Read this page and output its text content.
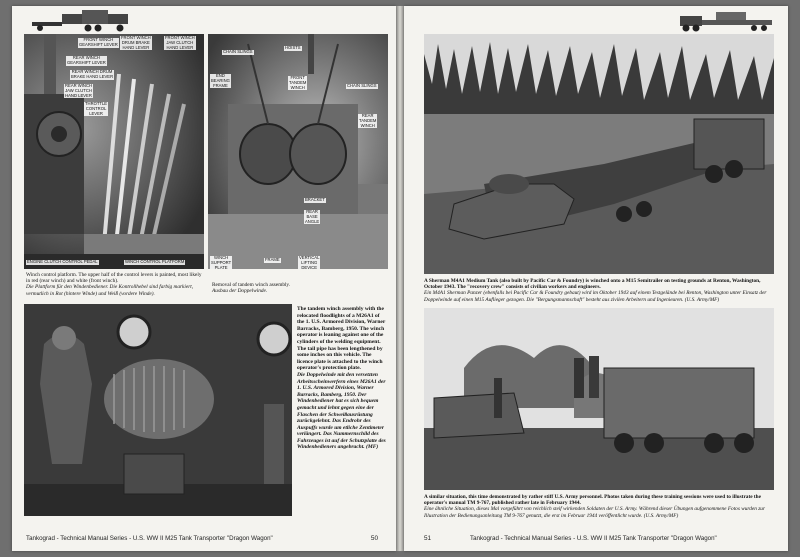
FRONT WINCH
GEARSHIFT LEVER
FRONT WINCH
DRUM BRAKE
HAND LEVER
FRONT WINCH
JAW CLUTCH
HAND LEVER
REAR WINCH
GEARSHIFT LEVER
REAR WINCH DRUM
BRAKE HAND LEVER
REAR WINCH
JAW CLUTCH
HAND LEVER
THROTTLE
CONTROL
LEVER
ENGINE CLUTCH CONTROL PEDAL	WINCH CONTROL PLATFORM
CHAIN SLINGS
HOISTS
END
BEARING
FRAME
FRONT
TANDEM
WINCH	CHAIN SLINGS
REAR
TANDEM
WINCH
BRACKET
REAR
BASE
ANGLE
WINCH
SUPPORT
PLATE
FRAME	VERTICAL
LIFTING
DEVICE
Winch control platform. The upper half of the control levers is painted, most likely in red (rear winch) and white (front winch).
Die Plattform für den Windenbediener. Die Kontrollhebel sind farbig markiert, vermutlich in Rot (hintere Winde) und Weiß (vordere Winde).
Removal of tandem winch assembly.
Ausbau der Doppelwinde.
The tandem winch assembly with the relocated floodlights of a M26A1 of the 1. U.S. Armored Division, Warner Barracks, Bamberg, 1950. The winch operator is leaning against one of the cylinders of the welding equipment. The tail pipe has been lengthened by some inches on this vehicle. The licence plate is attached to the winch operator's protection plate.
Die Doppelwinde mit den versetzten Arbeitsscheinwerfern eines M26A1 der 1. U.S. Armored Division, Warner Barracks, Bamberg, 1950. Der Windenbediener hat es sich bequem gemacht und lehnt gegen eine der Flaschen der Schweißausrüstung zurückgelehnt. Das Endrohr des Auspuffs wurde um etliche Zentimeter verlängert. Das Nummernschild des Fahrzeuges ist auf der Schutzplatte des Windenbedieners angebracht. (MF)
Tankograd - Technical Manual Series - U.S. WW II M25 Tank Transporter "Dragon Wagon"	50
A Sherman M4A1 Medium Tank (also built by Pacific Car & Foundry) is winched onto a M15 Semitrailer on testing grounds at Renton, Washington, October 1943. The "recovery crew" consists of civilian workers and engineers.
Ein M4A1 Sherman Panzer (ebenfalls bei Pacific Car & Foundry gebaut) wird im Oktober 1943 auf einem Testgelände bei Renton, Washington unter Einsatz der Doppelwinde auf einen M15 Auflieger gezogen. Die "Bergungsmannschaft" besteht aus zivilen Arbeitern und Ingenieuren. (U.S. Army/MF)
A similar situation, this time demonstrated by rather stiff U.S. Army personnel. Photos taken during these training sessions were used to illustrate the operator's manual TM 9-767, published rather late in February 1944.
Eine ähnliche Situation, dieses Mal vorgeführt von reichlich steif wirkenden Soldaten der U.S. Army. Während dieser Übungen aufgenommene Fotos wurden zur Illustration der Bedienungsanleitung TM 9-767 genutzt, die erst im Februar 1944 veröffentlicht wurde. (U.S. Army/MF)
51	Tankograd - Technical Manual Series - U.S. WW II M25 Tank Transporter "Dragon Wagon"
